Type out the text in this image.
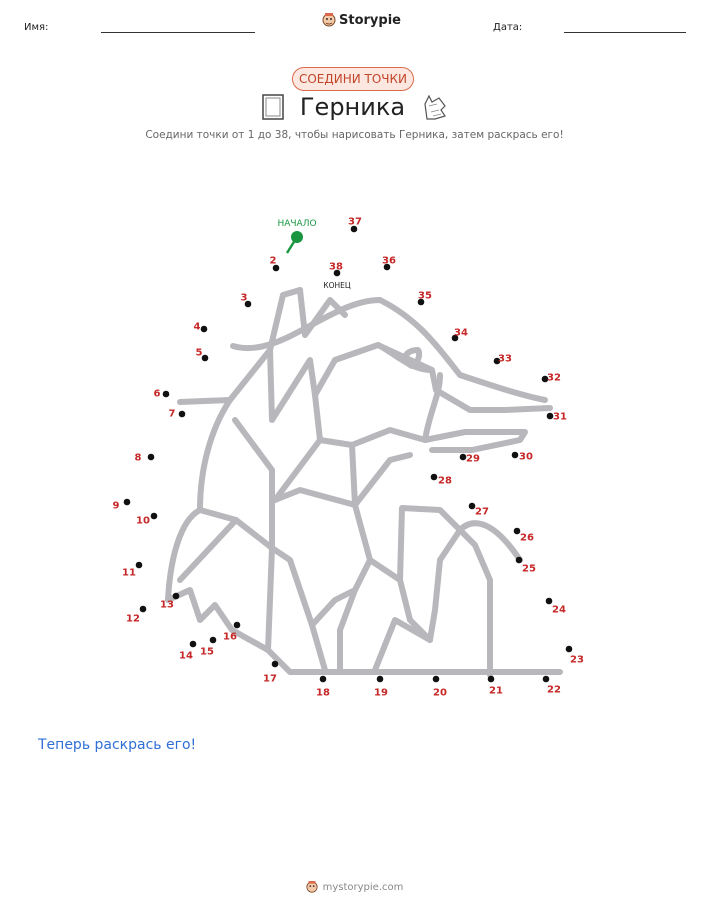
Имя:	Storypie	Дата:
СОЕДИНИ ТОЧКИ
Герника
Соедини точки от 1 до 38, чтобы нарисовать Герника, затем раскрась его!
НАЧАЛО
КОНЕЦ
2
3
4
5
6
7
8
9
10
11
12
13
14 15
16
17
18	19	20	21	22
23
24
25
26
27
28
29	30
31
32
33
34
35
36
37
38
Теперь раскрась его!
mystorypie.com
